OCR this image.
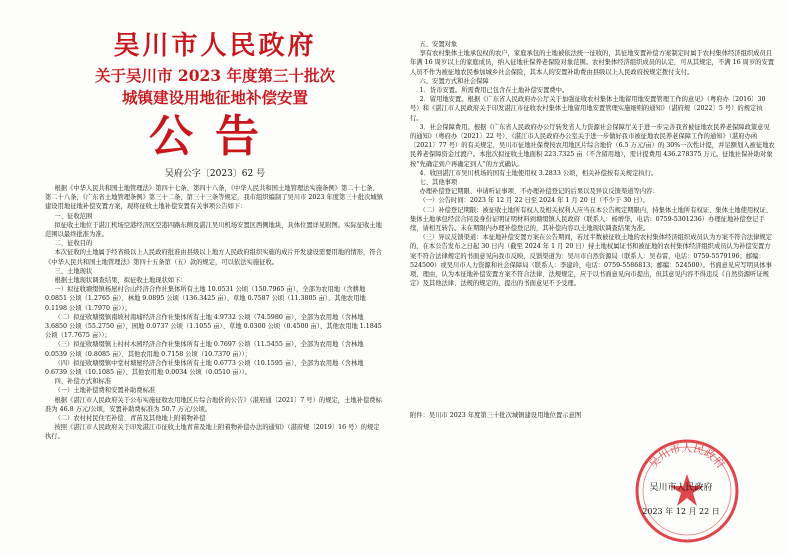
吴川市人民政府
关于吴川市 2023 年度第三十批次
城镇建设用地征地补偿安置
公告
吴府公字〔2023〕62 号

根据《中华人民共和国土地管理法》第四十七条、第四十八条，《中华人民共和国土地管理法实施条例》第二十七条、第二十八条，《广东省土地管理条例》第三十二条、第三十三条等规定，我市组织编制了吴川市 2023 年度第三十批次城镇建设用地征地补偿安置方案，现将征收土地补偿安置有关事项公告如下：

一、征收范围

拟征收土地位于湛江机场空港经济区空港四路东侧及湛江吴川机场安置区西侧地块，具体位置详见附图。实际征收土地范围以最终批准为准。

二、征收目的

本次征收的土地属于经省级以上人民政府批准由县级以上地方人民政府组织实施的成片开发建设需要用地的情形，符合《中华人民共和国土地管理法》第四十五条第（五）款的规定，可以依法实施征收。

三、土地现状

根据土地现状调查结果，拟征收土地现状如下：

一）拟征收塘缀镇杨屋村合山经济合作社集体所有土地 10.0531 公顷（150.7965 亩），全部为农用地（含耕地 0.0851 公顷（1.2765 亩）、林地 9.0895 公顷（136.3425 亩）、草地 0.7587 公顷（11.3805 亩）、其他农用地 0.1198 公顷（1.7970 亩））；

（二）拟征收塘缀镇南坡村南埔经济合作社集体所有土地 4.9732 公顷（74.5980 亩），全部为农用地（含林地 3.6850 公顷（55.2750 亩）、园地 0.0737 公顷（1.1055 亩）、草地 0.0300 公顷（0.4500 亩）、其他农用地 1.1845 公顷（17.7675 亩））；

（三）拟征收塘缀镇上村村木园经济合作社集体所有土地 0.7697 公顷（11.5455 亩），全部为农用地（含林地 0.0539 公顷（0.8085 亩）、其他农用地 0.7158 公顷（10.7370 亩））；

（四）拟征收塘缀镇中堂村塘屋经济合作社集体所有土地 0.6773 公顷（10.1595 亩），全部为农用地（含林地 0.6739 公顷（10.1085 亩）、其他农用地 0.0034 公顷（0.0510 亩））。

四、补偿方式和标准

（一）土地补偿费和安置补助费标准

根据《湛江市人民政府关于公布实施征收农用地区片综合地价的公告》（湛府通〔2021〕7 号）的规定，土地补偿费标准为 46.8 万元/公顷，安置补助费标准为 50.7 万元/公顷。

（二）农村村民住宅补偿、青苗及其他地上附着物补偿

按照《湛江市人民政府关于印发湛江市征收土地青苗及地上附着物补偿办法的通知》（湛府规〔2019〕16 号）的规定执行。

五、安置对象

享有农村集体土地承包权的农户，家庭承包的土地被依法统一征收的，其征地安置补偿方案制定时属于农村集体经济组织成员且年满 16 周岁以上的家庭成员，纳入征地社保养老保险对象范围。农村集体经济组织成员的认定，可从其规定，不满 16 周岁的安置人员不作为被征地农民参加城乡社会保险，其本人的安置补助费由县级以上人民政府按规定拨付支付。

六、安置方式和社会保障

1．货币安置。所需费用已包含在土地补偿安置费中。

2．留用地安置。根据《广东省人民政府办公厅关于加强征收农村集体土地留用地安置管理工作的意见》（粤府办〔2016〕30 号）和《湛江市人民政府关于印发湛江市征收农村集体土地留用地安置管理实施细则的通知》（湛府规〔2022〕5 号）的规定执行。

3．社会保障费用。根据《广东省人民政府办公厅转发省人力资源社会保障厅关于进一步完善我省被征地农民养老保障政策意见的通知》（粤府办〔2021〕22 号）、《湛江市人民政府办公室关于进一步做好我市被征地农民养老保障工作的通知》（湛府办函〔2021〕77 号）的有关规定，吴川市征地社保费按农用地区片综合地价（6.5 万元/亩）的 30%一次性计提，并足额划入被征地农民养老保障资金过渡户。本批次拟征收土地面积 223.7325 亩（不含留用地），需计提费用 436.278375 万元。征地社保补助对象按“先确定到户再确定到人”的方式确认。

4．收回湛江市吴川机场的国有土地使用权 3.2833 公顷，相关补偿按有关规定执行。

七、其他事项

办理补偿登记期限、申请听证事项、不办理补偿登记的后果以及异议反馈渠道等内容：

（一）公告时间：2023 年 12 月 22 日至 2024 年 1 月 20 日（不少于 30 日）。

（二）补偿登记期限：被征收土地所有权人及相关权利人应当在本公告规定期限内，持集体土地所有权证、集体土地使用权证、集体土地承包经营合同及身份证明证明材料到塘缀镇人民政府（联系人：杨增华，电话：0759-5301236）办理征地补偿登记手续，请相互转告。未在期限内办理补偿登记的，其补偿内容以土地现状调查结果为准。

（三）异议反馈渠道：本征地补偿安置方案在公告期间，若过半数被征收土地的农村集体经济组织成员认为方案不符合法律规定的，在本公告发布之日起 30 日内（截至 2024 年 1 月 20 日）持土地权属证书和被征地的农村集体经济组织成员认为补偿安置方案不符合法律规定的书面意见向我市反映，反馈渠道为：吴川市自然资源局（联系人：吴春雷，电话：0759-5579196；邮编：524500）或吴川市人力资源和社会保障局（联系人：李建玲，电话：0759-5586813；邮编：524500）。书面意见应写明具体事项、理由，认为本征地补偿安置方案不符合法律、法规规定，应于以书面意见向市提出，但其意见内容不得违反《自然资源听证规定》及其他法律、法规的规定的，提出的书面意见不予受理。

附件：吴川市 2023 年度第三十批次城镇建设用地位置示意图
吴川市人民政府
吴川市人民政府
2023 年 12 月 22 日
